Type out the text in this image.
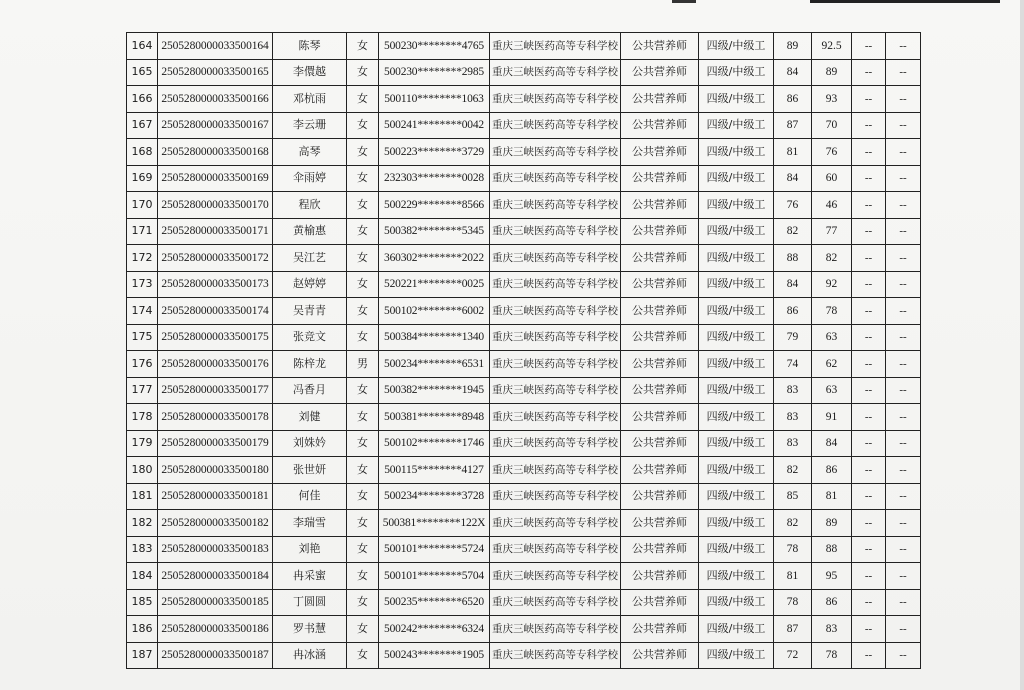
164	2505280000033500164	陈琴	女	500230********4765	重庆三峡医药高等专科学校	公共营养师	四级/中级工	89	92.5	--	--
165	2505280000033500165	李儇越	女	500230********2985	重庆三峡医药高等专科学校	公共营养师	四级/中级工	84	89	--	--
166	2505280000033500166	邓杭雨	女	500110********1063	重庆三峡医药高等专科学校	公共营养师	四级/中级工	86	93	--	--
167	2505280000033500167	李云珊	女	500241********0042	重庆三峡医药高等专科学校	公共营养师	四级/中级工	87	70	--	--
168	2505280000033500168	高琴	女	500223********3729	重庆三峡医药高等专科学校	公共营养师	四级/中级工	81	76	--	--
169	2505280000033500169	伞雨婷	女	232303********0028	重庆三峡医药高等专科学校	公共营养师	四级/中级工	84	60	--	--
170	2505280000033500170	程欣	女	500229********8566	重庆三峡医药高等专科学校	公共营养师	四级/中级工	76	46	--	--
171	2505280000033500171	黄榆惠	女	500382********5345	重庆三峡医药高等专科学校	公共营养师	四级/中级工	82	77	--	--
172	2505280000033500172	吴江艺	女	360302********2022	重庆三峡医药高等专科学校	公共营养师	四级/中级工	88	82	--	--
173	2505280000033500173	赵婷婷	女	520221********0025	重庆三峡医药高等专科学校	公共营养师	四级/中级工	84	92	--	--
174	2505280000033500174	吴青青	女	500102********6002	重庆三峡医药高等专科学校	公共营养师	四级/中级工	86	78	--	--
175	2505280000033500175	张竞文	女	500384********1340	重庆三峡医药高等专科学校	公共营养师	四级/中级工	79	63	--	--
176	2505280000033500176	陈梓龙	男	500234********6531	重庆三峡医药高等专科学校	公共营养师	四级/中级工	74	62	--	--
177	2505280000033500177	冯香月	女	500382********1945	重庆三峡医药高等专科学校	公共营养师	四级/中级工	83	63	--	--
178	2505280000033500178	刘健	女	500381********8948	重庆三峡医药高等专科学校	公共营养师	四级/中级工	83	91	--	--
179	2505280000033500179	刘姝妗	女	500102********1746	重庆三峡医药高等专科学校	公共营养师	四级/中级工	83	84	--	--
180	2505280000033500180	张世妍	女	500115********4127	重庆三峡医药高等专科学校	公共营养师	四级/中级工	82	86	--	--
181	2505280000033500181	何佳	女	500234********3728	重庆三峡医药高等专科学校	公共营养师	四级/中级工	85	81	--	--
182	2505280000033500182	李瑞雪	女	500381********122X	重庆三峡医药高等专科学校	公共营养师	四级/中级工	82	89	--	--
183	2505280000033500183	刘艳	女	500101********5724	重庆三峡医药高等专科学校	公共营养师	四级/中级工	78	88	--	--
184	2505280000033500184	冉采蜜	女	500101********5704	重庆三峡医药高等专科学校	公共营养师	四级/中级工	81	95	--	--
185	2505280000033500185	丁圆圆	女	500235********6520	重庆三峡医药高等专科学校	公共营养师	四级/中级工	78	86	--	--
186	2505280000033500186	罗书慧	女	500242********6324	重庆三峡医药高等专科学校	公共营养师	四级/中级工	87	83	--	--
187	2505280000033500187	冉冰涵	女	500243********1905	重庆三峡医药高等专科学校	公共营养师	四级/中级工	72	78	--	--
